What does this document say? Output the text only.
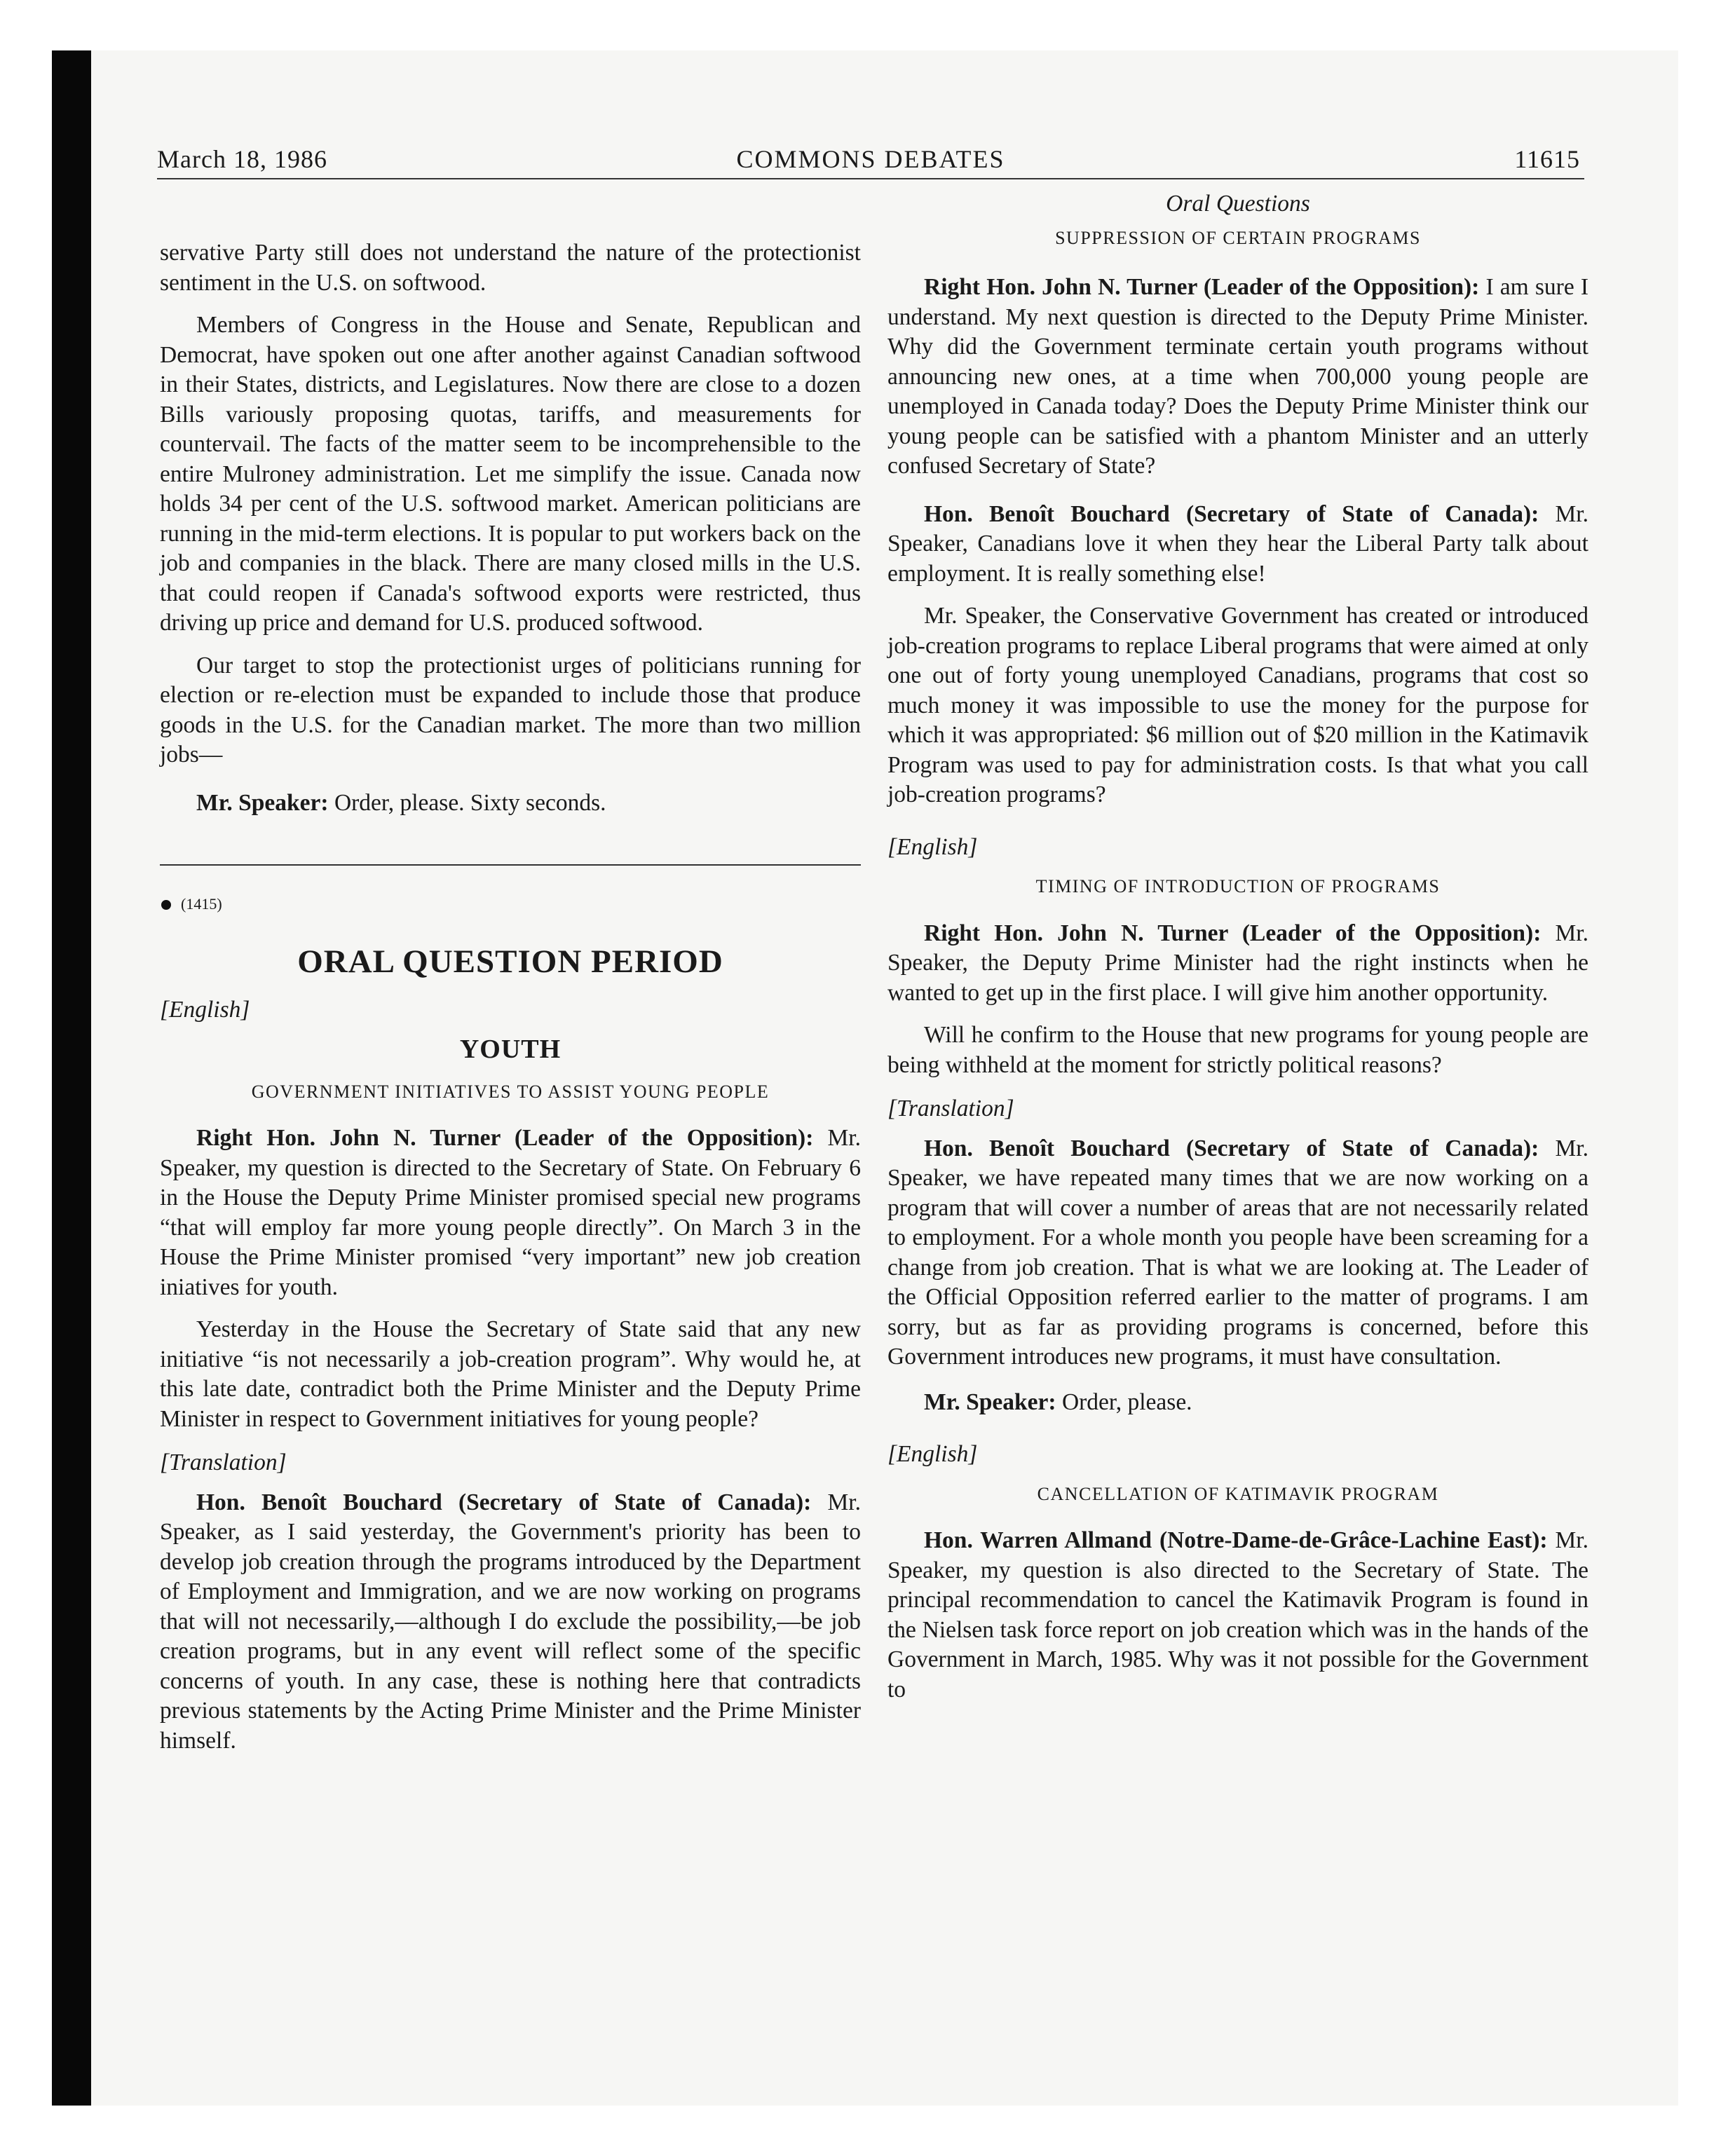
March 18, 1986	COMMONS DEBATES	11615

servative Party still does not understand the nature of the protectionist sentiment in the U.S. on softwood.

Members of Congress in the House and Senate, Republican and Democrat, have spoken out one after another against Canadian softwood in their States, districts, and Legislatures. Now there are close to a dozen Bills variously proposing quotas, tariffs, and measurements for countervail. The facts of the matter seem to be incomprehensible to the entire Mulroney administration. Let me simplify the issue. Canada now holds 34 per cent of the U.S. softwood market. American politicians are running in the mid-term elections. It is popular to put workers back on the job and companies in the black. There are many closed mills in the U.S. that could reopen if Canada's softwood exports were restricted, thus driving up price and demand for U.S. produced softwood.

Our target to stop the protectionist urges of politicians running for election or re-election must be expanded to include those that produce goods in the U.S. for the Canadian market. The more than two million jobs—

Mr. Speaker: Order, please. Sixty seconds.

(1415)

ORAL QUESTION PERIOD

[English]

YOUTH

GOVERNMENT INITIATIVES TO ASSIST YOUNG PEOPLE

Right Hon. John N. Turner (Leader of the Opposition): Mr. Speaker, my question is directed to the Secretary of State. On February 6 in the House the Deputy Prime Minister promised special new programs “that will employ far more young people directly”. On March 3 in the House the Prime Minister promised “very important” new job creation iniatives for youth.

Yesterday in the House the Secretary of State said that any new initiative “is not necessarily a job-creation program”. Why would he, at this late date, contradict both the Prime Minister and the Deputy Prime Minister in respect to Government initiatives for young people?

[Translation]

Hon. Benoît Bouchard (Secretary of State of Canada): Mr. Speaker, as I said yesterday, the Government's priority has been to develop job creation through the programs introduced by the Department of Employment and Immigration, and we are now working on programs that will not necessarily,—although I do exclude the possibility,—be job creation programs, but in any event will reflect some of the specific concerns of youth. In any case, these is nothing here that contradicts previous statements by the Acting Prime Minister and the Prime Minister himself.

Oral Questions

SUPPRESSION OF CERTAIN PROGRAMS

Right Hon. John N. Turner (Leader of the Opposition): I am sure I understand. My next question is directed to the Deputy Prime Minister. Why did the Government terminate certain youth programs without announcing new ones, at a time when 700,000 young people are unemployed in Canada today? Does the Deputy Prime Minister think our young people can be satisfied with a phantom Minister and an utterly confused Secretary of State?

Hon. Benoît Bouchard (Secretary of State of Canada): Mr. Speaker, Canadians love it when they hear the Liberal Party talk about employment. It is really something else!

Mr. Speaker, the Conservative Government has created or introduced job-creation programs to replace Liberal programs that were aimed at only one out of forty young unemployed Canadians, programs that cost so much money it was impossible to use the money for the purpose for which it was appropriated: $6 million out of $20 million in the Katimavik Program was used to pay for administration costs. Is that what you call job-creation programs?

[English]

TIMING OF INTRODUCTION OF PROGRAMS

Right Hon. John N. Turner (Leader of the Opposition): Mr. Speaker, the Deputy Prime Minister had the right instincts when he wanted to get up in the first place. I will give him another opportunity.

Will he confirm to the House that new programs for young people are being withheld at the moment for strictly political reasons?

[Translation]

Hon. Benoît Bouchard (Secretary of State of Canada): Mr. Speaker, we have repeated many times that we are now working on a program that will cover a number of areas that are not necessarily related to employment. For a whole month you people have been screaming for a change from job creation. That is what we are looking at. The Leader of the Official Opposition referred earlier to the matter of programs. I am sorry, but as far as providing programs is concerned, before this Government introduces new programs, it must have consultation.

Mr. Speaker: Order, please.

[English]

CANCELLATION OF KATIMAVIK PROGRAM

Hon. Warren Allmand (Notre-Dame-de-Grâce-Lachine East): Mr. Speaker, my question is also directed to the Secretary of State. The principal recommendation to cancel the Katimavik Program is found in the Nielsen task force report on job creation which was in the hands of the Government in March, 1985. Why was it not possible for the Government to
